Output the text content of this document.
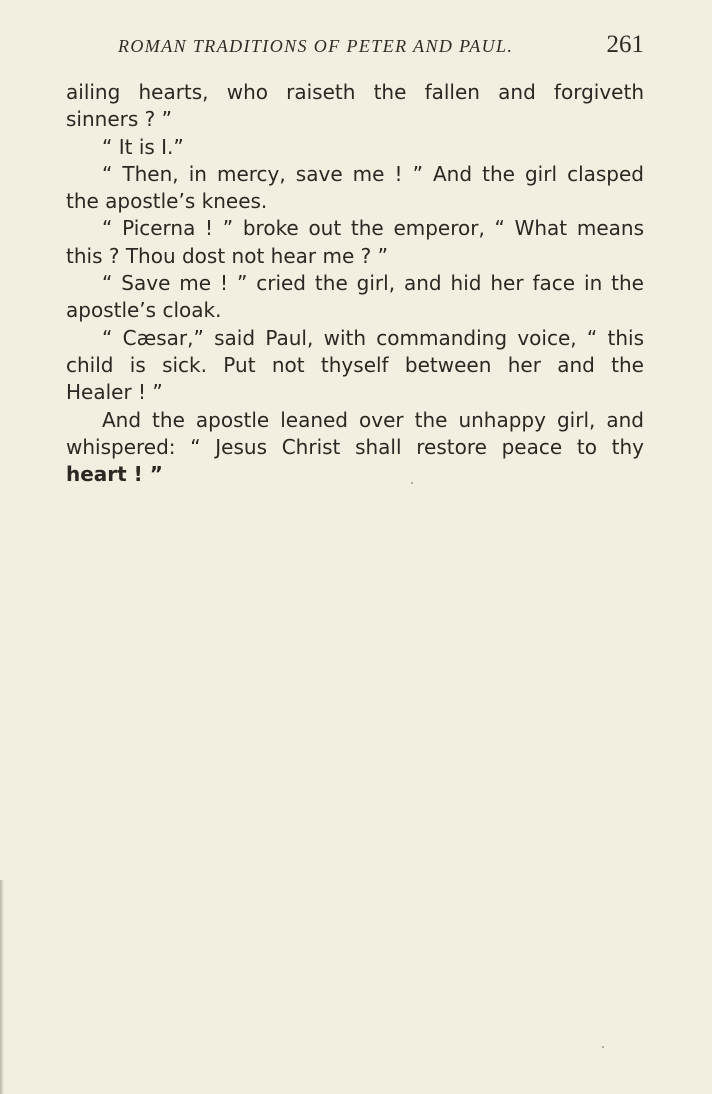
ROMAN TRADITIONS OF PETER AND PAUL.	261
ailing hearts, who raiseth the fallen and forgiveth
sinners ? ”
“ It is I.”
“ Then, in mercy, save me ! ” And the girl clasped
the apostle’s knees.
“ Picerna ! ” broke out the emperor, “ What means
this ? Thou dost not hear me ? ”
“ Save me ! ” cried the girl, and hid her face in the
apostle’s cloak.
“ Cæsar,” said Paul, with commanding voice, “ this
child is sick. Put not thyself between her and the
Healer ! ”
And the apostle leaned over the unhappy girl, and
whispered: “ Jesus Christ shall restore peace to thy
heart ! ”
